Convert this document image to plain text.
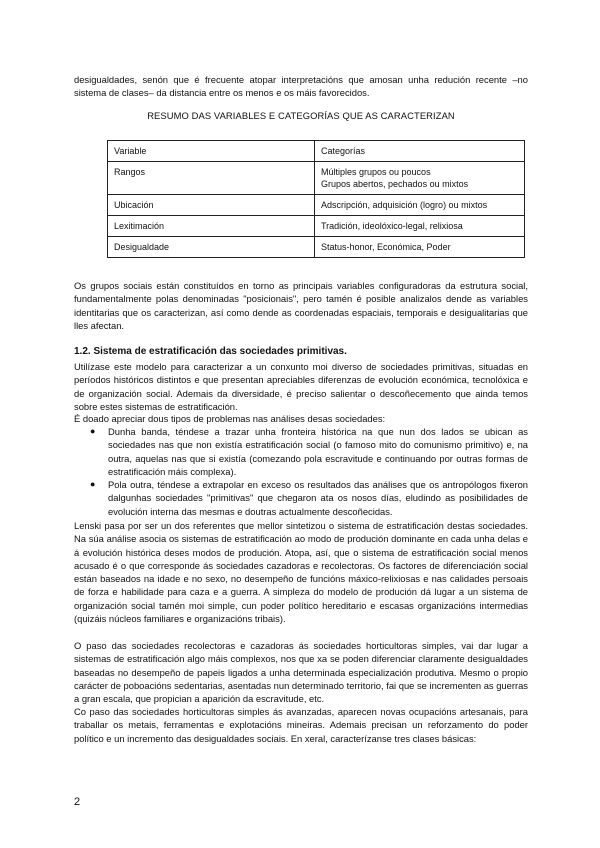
desigualdades, senón que é frecuente atopar interpretacións que amosan unha redución recente –no sistema de clases– da distancia entre os menos e os máis favorecidos.

RESUMO DAS VARIABLES E CATEGORÍAS QUE AS CARACTERIZAN
Variable	Categorías
Rangos	Múltiples grupos ou poucos
Grupos abertos, pechados ou mixtos

Ubicación	Adscripción, adquisición (logro) ou mixtos
Lexitimación	Tradición, ideolóxico-legal, relixiosa
Desigualdade	Status-honor, Económica, Poder

Os grupos sociais están constituídos en torno as principais variables configuradoras da estrutura social, fundamentalmente polas denominadas "posicionais", pero tamén é posible analizalos dende as variables identitarias que os caracterizan, así como dende as coordenadas espaciais, temporais e desigualitarias que lles afectan.

1.2. Sistema de estratificación das sociedades primitivas.

Utilízase este modelo para caracterizar a un conxunto moi diverso de sociedades primitivas, situadas en períodos históricos distintos e que presentan apreciables diferenzas de evolución económica, tecnolóxica e de organización social. Ademais da diversidade, é preciso salientar o descoñecemento que ainda temos sobre estes sistemas de estratificación.

É doado apreciar dous tipos de problemas nas análises desas sociedades:

● Dunha banda, téndese a trazar unha fronteira histórica na que nun dos lados se ubican as sociedades nas que non existía estratificación social (o famoso mito do comunismo primitivo) e, na outra, aquelas nas que si existía (comezando pola escravitude e continuando por outras formas de estratificación máis complexa).
● Pola outra, téndese a extrapolar en exceso os resultados das análises que os antropólogos fixeron dalgunhas sociedades "primitivas" que chegaron ata os nosos días, eludindo as posibilidades de evolución interna das mesmas e doutras actualmente descoñecidas.

Lenski pasa por ser un dos referentes que mellor sintetizou o sistema de estratificación destas sociedades. Na súa análise asocia os sistemas de estratificación ao modo de produción dominante en cada unha delas e á evolución histórica deses modos de produción. Atopa, así, que o sistema de estratificación social menos acusado é o que corresponde ás sociedades cazadoras e recolectoras. Os factores de diferenciación social están baseados na idade e no sexo, no desempeño de funcións máxico-relixiosas e nas calidades persoais de forza e habilidade para caza e a guerra. A simpleza do modelo de produción dá lugar a un sistema de organización social tamén moi simple, cun poder político hereditario e escasas organizacións intermedias (quizáis núcleos familiares e organizacións tribais).

O paso das sociedades recolectoras e cazadoras ás sociedades horticultoras simples, vai dar lugar a sistemas de estratificación algo máis complexos, nos que xa se poden diferenciar claramente desigualdades baseadas no desempeño de papeis ligados a unha determinada especialización produtiva. Mesmo o propio carácter de poboacións sedentarias, asentadas nun determinado territorio, fai que se incrementen as guerras a gran escala, que propician a aparición da escravitude, etc.

Co paso das sociedades horticultoras simples ás avanzadas, aparecen novas ocupacións artesanais, para traballar os metais, ferramentas e explotacións mineiras. Ademais precisan un reforzamento do poder político e un incremento das desigualdades sociais. En xeral, caracterízanse tres clases básicas:

2
